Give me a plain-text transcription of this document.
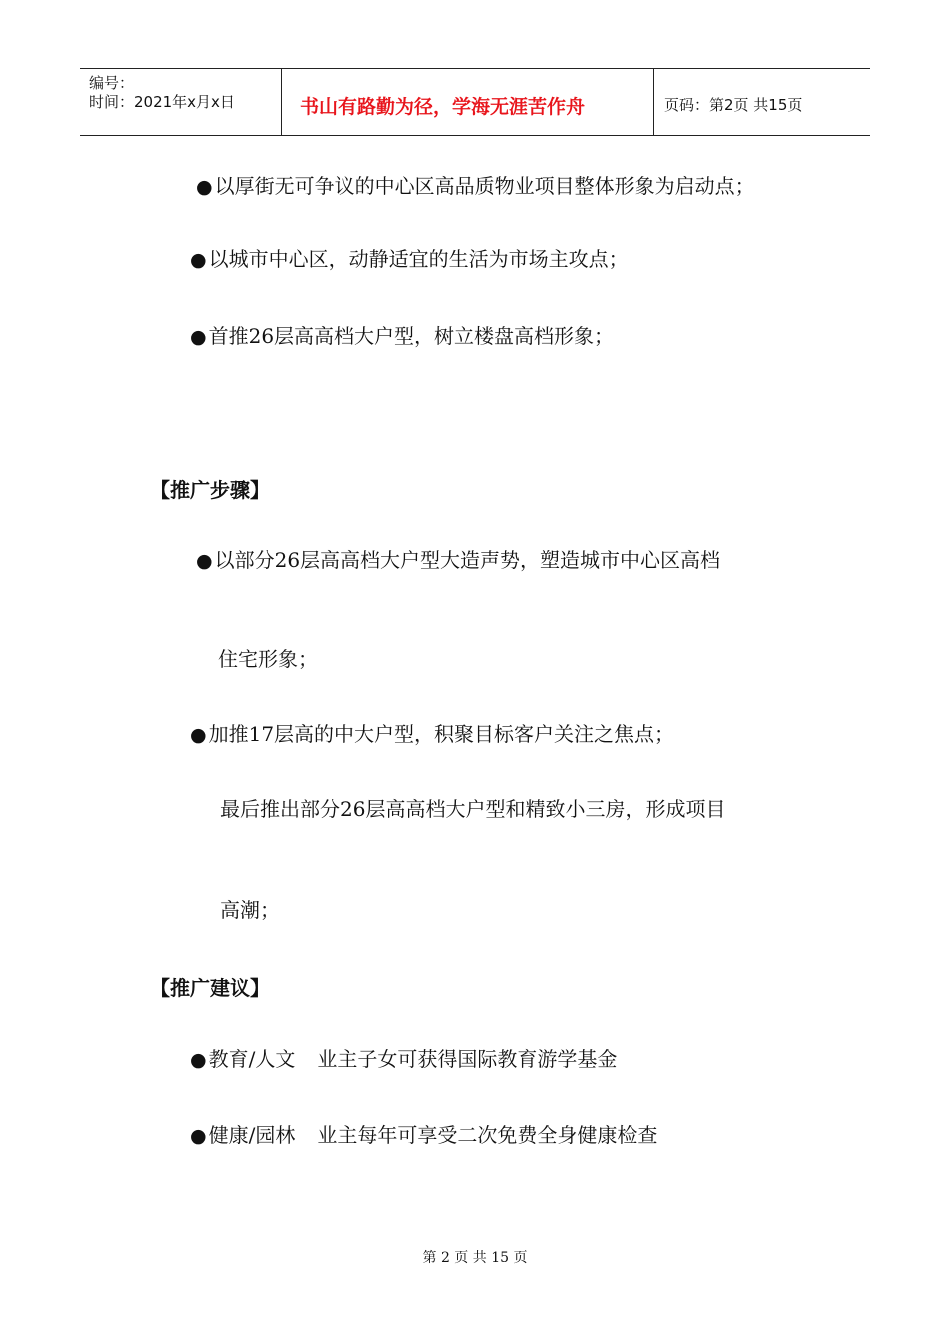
编号：
时间：2021年x月x日	书山有路勤为径，学海无涯苦作舟	页码：第2页 共15页
● 以厚街无可争议的中心区高品质物业项目整体形象为启动点；
● 以城市中心区，动静适宜的生活为市场主攻点；
● 首推26层高高档大户型，树立楼盘高档形象；
【推广步骤】
● 以部分26层高高档大户型大造声势，塑造城市中心区高档
住宅形象；
● 加推17层高的中大户型，积聚目标客户关注之焦点；
最后推出部分26层高高档大户型和精致小三房，形成项目
高潮；
【推广建议】
● 教育/人文 业主子女可获得国际教育游学基金
● 健康/园林 业主每年可享受二次免费全身健康检查
第 2 页 共 15 页
